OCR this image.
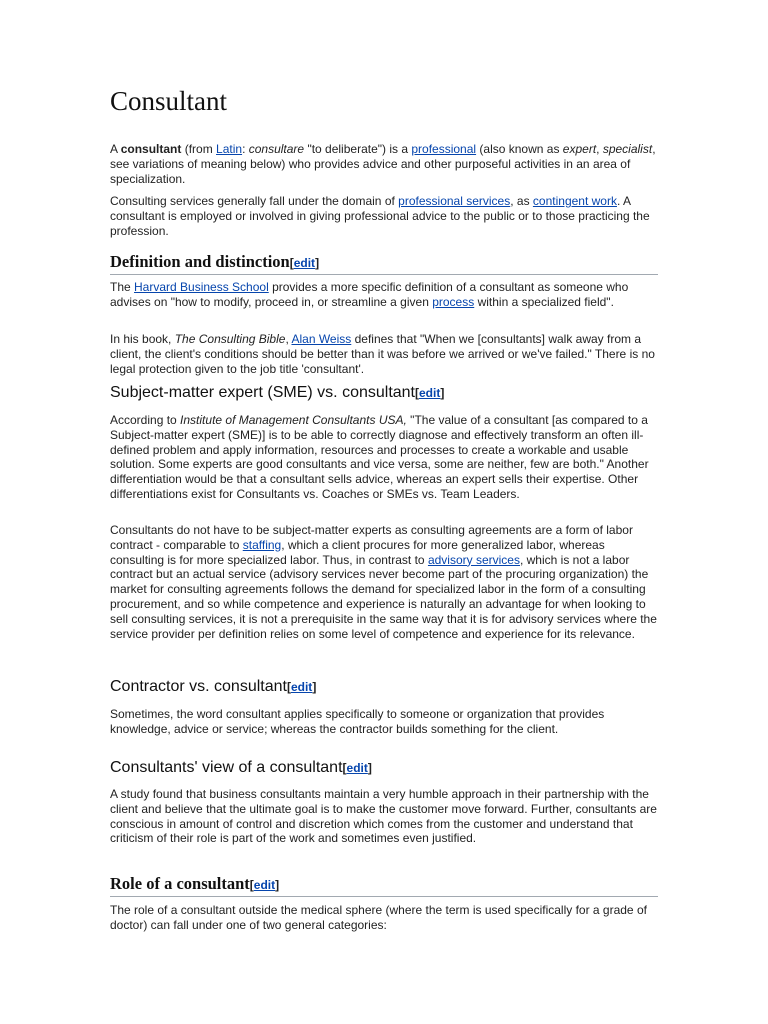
Consultant

A consultant (from Latin: consultare "to deliberate") is a professional (also known as expert, specialist, see variations of meaning below) who provides advice and other purposeful activities in an area of specialization.

Consulting services generally fall under the domain of professional services, as contingent work. A consultant is employed or involved in giving professional advice to the public or to those practicing the profession.

Definition and distinction[edit]

The Harvard Business School provides a more specific definition of a consultant as someone who advises on "how to modify, proceed in, or streamline a given process within a specialized field".

In his book, The Consulting Bible, Alan Weiss defines that "When we [consultants] walk away from a client, the client's conditions should be better than it was before we arrived or we've failed." There is no legal protection given to the job title 'consultant'.

Subject-matter expert (SME) vs. consultant[edit]

According to Institute of Management Consultants USA, "The value of a consultant [as compared to a Subject-matter expert (SME)] is to be able to correctly diagnose and effectively transform an often ill-defined problem and apply information, resources and processes to create a workable and usable solution. Some experts are good consultants and vice versa, some are neither, few are both." Another differentiation would be that a consultant sells advice, whereas an expert sells their expertise. Other differentiations exist for Consultants vs. Coaches or SMEs vs. Team Leaders.

Consultants do not have to be subject-matter experts as consulting agreements are a form of labor contract - comparable to staffing, which a client procures for more generalized labor, whereas consulting is for more specialized labor. Thus, in contrast to advisory services, which is not a labor contract but an actual service (advisory services never become part of the procuring organization) the market for consulting agreements follows the demand for specialized labor in the form of a consulting procurement, and so while competence and experience is naturally an advantage for when looking to sell consulting services, it is not a prerequisite in the same way that it is for advisory services where the service provider per definition relies on some level of competence and experience for its relevance.

Contractor vs. consultant[edit]

Sometimes, the word consultant applies specifically to someone or organization that provides knowledge, advice or service; whereas the contractor builds something for the client.

Consultants' view of a consultant[edit]

A study found that business consultants maintain a very humble approach in their partnership with the client and believe that the ultimate goal is to make the customer move forward. Further, consultants are conscious in amount of control and discretion which comes from the customer and understand that criticism of their role is part of the work and sometimes even justified.

Role of a consultant[edit]

The role of a consultant outside the medical sphere (where the term is used specifically for a grade of doctor) can fall under one of two general categories:
